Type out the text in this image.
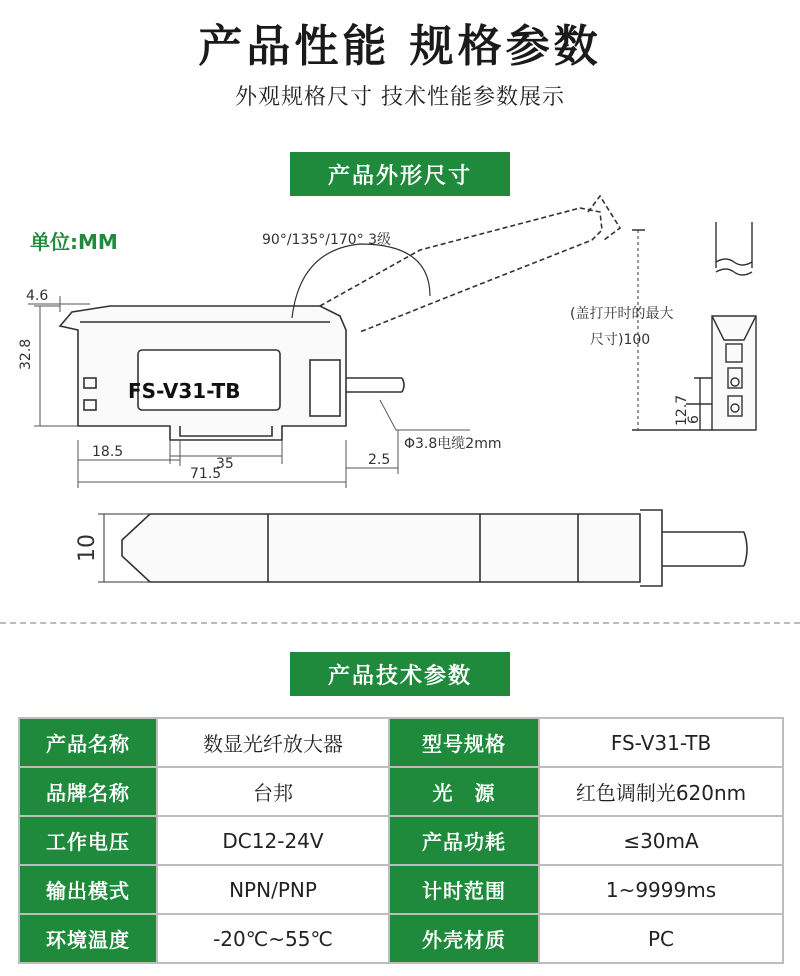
产品性能 规格参数
外观规格尺寸 技术性能参数展示
产品外形尺寸
单位:MM
FS-V31-TB
90°/135°/170° 3级
4.6
32.8
18.5
35
71.5
2.5
Φ3.8电缆2mm
(盖打开时的最大
尺寸)100
12.7
6
10
产品技术参数
产品名称	数显光纤放大器	型号规格	FS-V31-TB
品牌名称	台邦	光　源	红色调制光620nm
工作电压	DC12-24V	产品功耗	≤30mA
输出模式	NPN/PNP	计时范围	1~9999ms
环境温度	-20℃~55℃	外壳材质	PC
